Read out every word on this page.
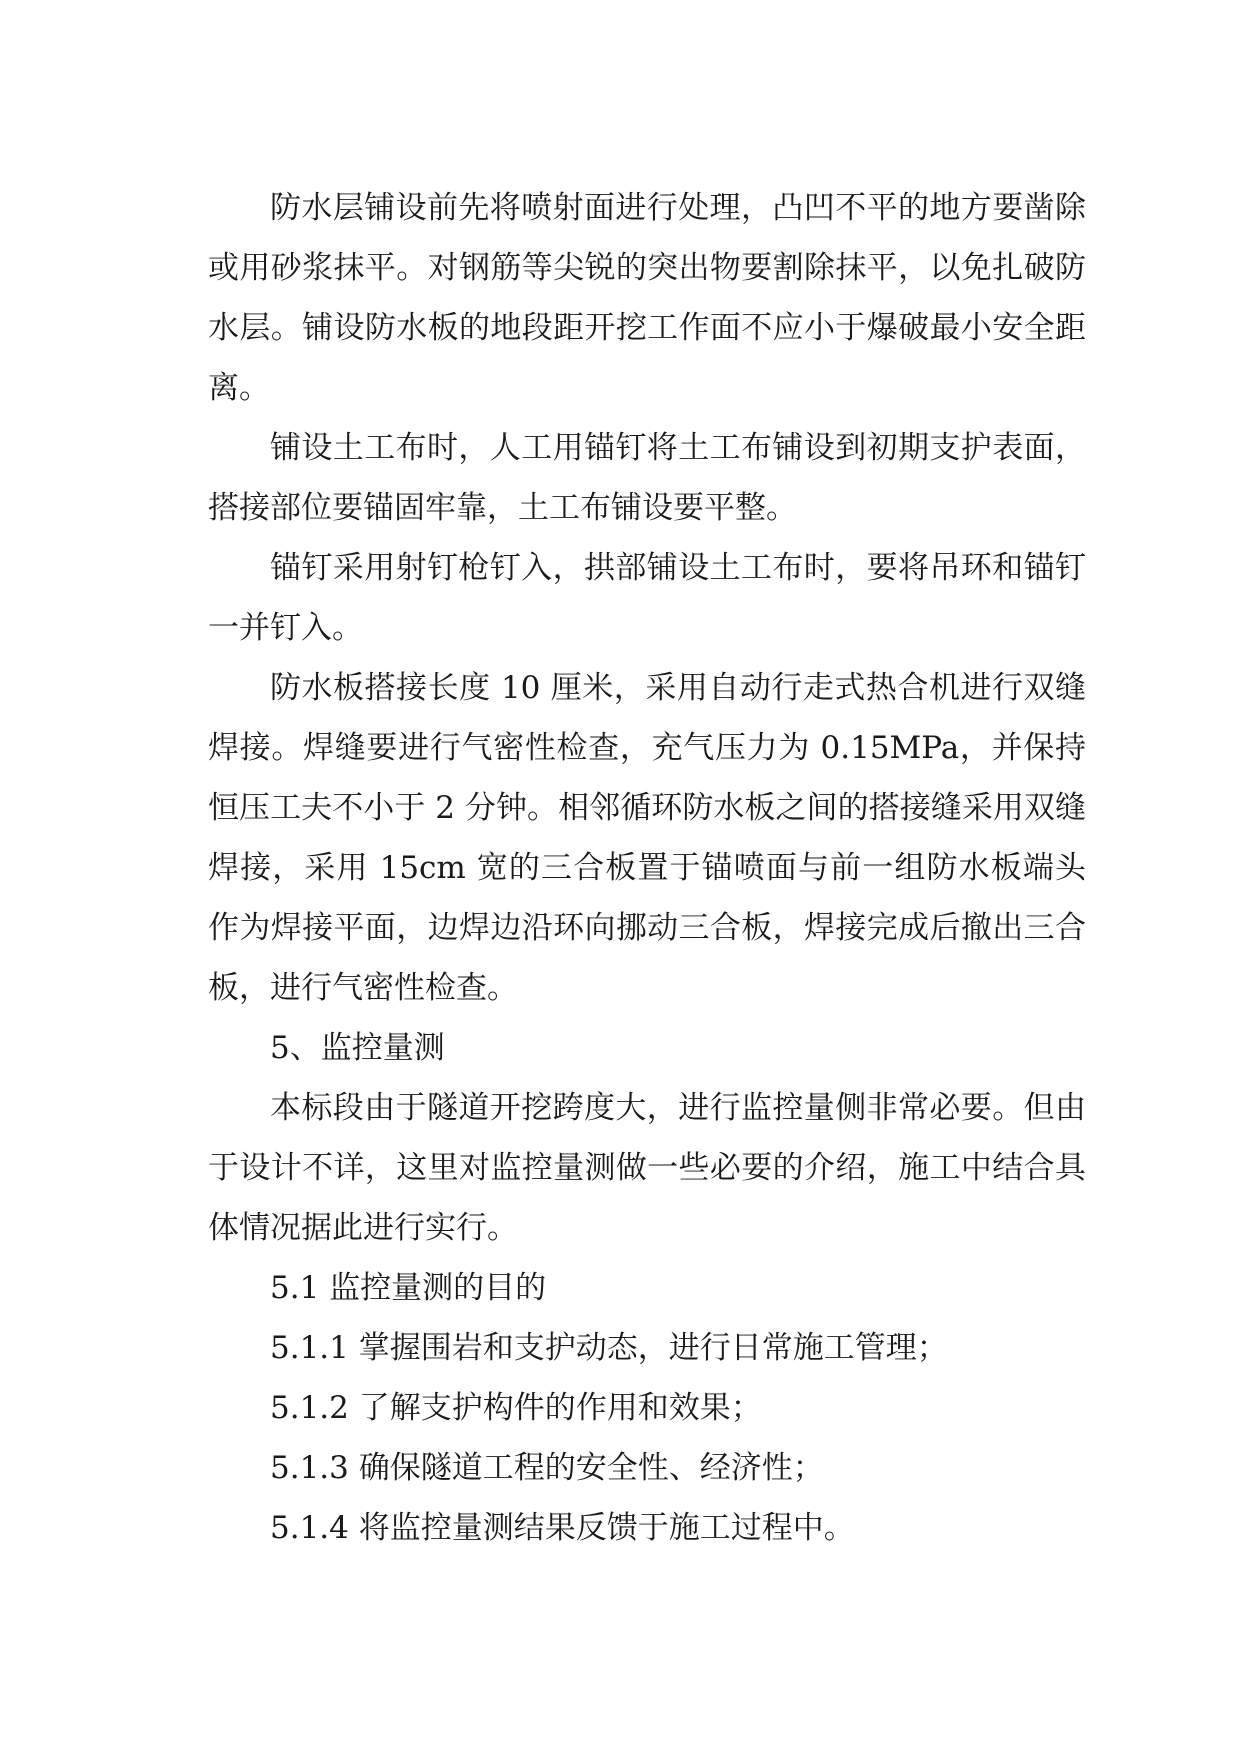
防水层铺设前先将喷射面进行处理，凸凹不平的地方要凿除或用砂浆抹平。对钢筋等尖锐的突出物要割除抹平，以免扎破防水层。铺设防水板的地段距开挖工作面不应小于爆破最小安全距离。

铺设土工布时，人工用锚钉将土工布铺设到初期支护表面，搭接部位要锚固牢靠，土工布铺设要平整。

锚钉采用射钉枪钉入，拱部铺设土工布时，要将吊环和锚钉一并钉入。

防水板搭接长度 10 厘米，采用自动行走式热合机进行双缝焊接。焊缝要进行气密性检查，充气压力为 0.15MPa，并保持恒压工夫不小于 2 分钟。相邻循环防水板之间的搭接缝采用双缝焊接，采用 15cm 宽的三合板置于锚喷面与前一组防水板端头作为焊接平面，边焊边沿环向挪动三合板，焊接完成后撤出三合板，进行气密性检查。

5、监控量测

本标段由于隧道开挖跨度大，进行监控量侧非常必要。但由于设计不详，这里对监控量测做一些必要的介绍，施工中结合具体情况据此进行实行。

5.1 监控量测的目的

5.1.1 掌握围岩和支护动态，进行日常施工管理；

5.1.2 了解支护构件的作用和效果；

5.1.3 确保隧道工程的安全性、经济性；

5.1.4 将监控量测结果反馈于施工过程中。
